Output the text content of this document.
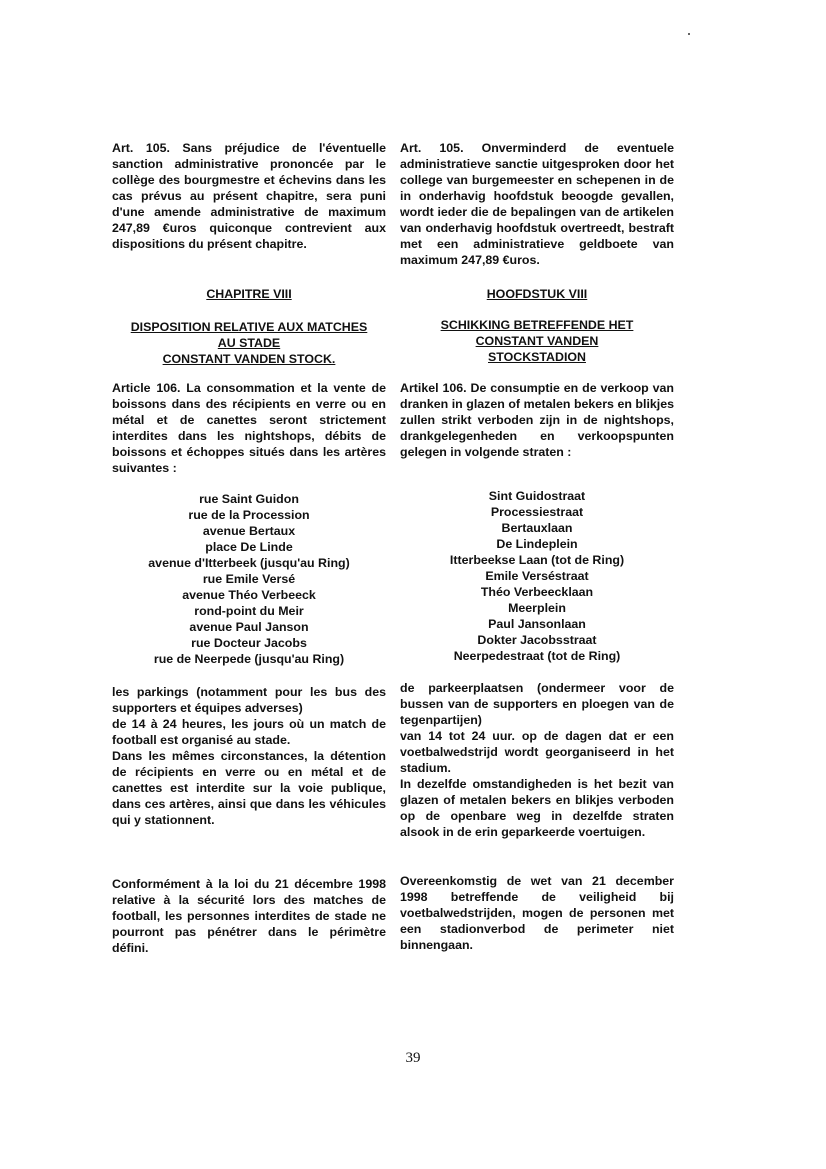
Art. 105. Sans préjudice de l'éventuelle sanction administrative prononcée par le collège des bourgmestre et échevins dans les cas prévus au présent chapitre, sera puni d'une amende administrative de maximum 247,89 €uros quiconque contrevient aux dispositions du présent chapitre.

CHAPITRE VIII
DISPOSITION RELATIVE AUX MATCHES
AU STADE
CONSTANT VANDEN STOCK.

Article 106. La consommation et la vente de boissons dans des récipients en verre ou en métal et de canettes seront strictement interdites dans les nightshops, débits de boissons et échoppes situés dans les artères suivantes :

rue Saint Guidon
rue de la Procession
avenue Bertaux
place De Linde
avenue d'Itterbeek (jusqu'au Ring)
rue Emile Versé
avenue Théo Verbeeck
rond-point du Meir
avenue Paul Janson
rue Docteur Jacobs
rue de Neerpede (jusqu'au Ring)

les parkings (notamment pour les bus des supporters et équipes adverses)

de 14 à 24 heures, les jours où un match de football est organisé au stade.

Dans les mêmes circonstances, la détention de récipients en verre ou en métal et de canettes est interdite sur la voie publique, dans ces artères, ainsi que dans les véhicules qui y stationnent.

Conformément à la loi du 21 décembre 1998 relative à la sécurité lors des matches de football, les personnes interdites de stade ne pourront pas pénétrer dans le périmètre défini.

Art. 105. Onverminderd de eventuele administratieve sanctie uitgesproken door het college van burgemeester en schepenen in de in onderhavig hoofdstuk beoogde gevallen, wordt ieder die de bepalingen van de artikelen van onderhavig hoofdstuk overtreedt, bestraft met een administratieve geldboete van maximum 247,89 €uros.

HOOFDSTUK VIII
SCHIKKING BETREFFENDE HET
CONSTANT VANDEN
STOCKSTADION

Artikel 106. De consumptie en de verkoop van dranken in glazen of metalen bekers en blikjes zullen strikt verboden zijn in de nightshops, drankgelegenheden en verkoopspunten gelegen in volgende straten :

Sint Guidostraat
Processiestraat
Bertauxlaan
De Lindeplein
Itterbeekse Laan (tot de Ring)
Emile Verséstraat
Théo Verbeecklaan
Meerplein
Paul Jansonlaan
Dokter Jacobsstraat
Neerpedestraat (tot de Ring)

de parkeerplaatsen (ondermeer voor de bussen van de supporters en ploegen van de tegenpartijen)

van 14 tot 24 uur. op de dagen dat er een voetbalwedstrijd wordt georganiseerd in het stadium.

In dezelfde omstandigheden is het bezit van glazen of metalen bekers en blikjes verboden op de openbare weg in dezelfde straten alsook in de erin geparkeerde voertuigen.

Overeenkomstig de wet van 21 december 1998 betreffende de veiligheid bij voetbalwedstrijden, mogen de personen met een stadionverbod de perimeter niet binnengaan.
39
